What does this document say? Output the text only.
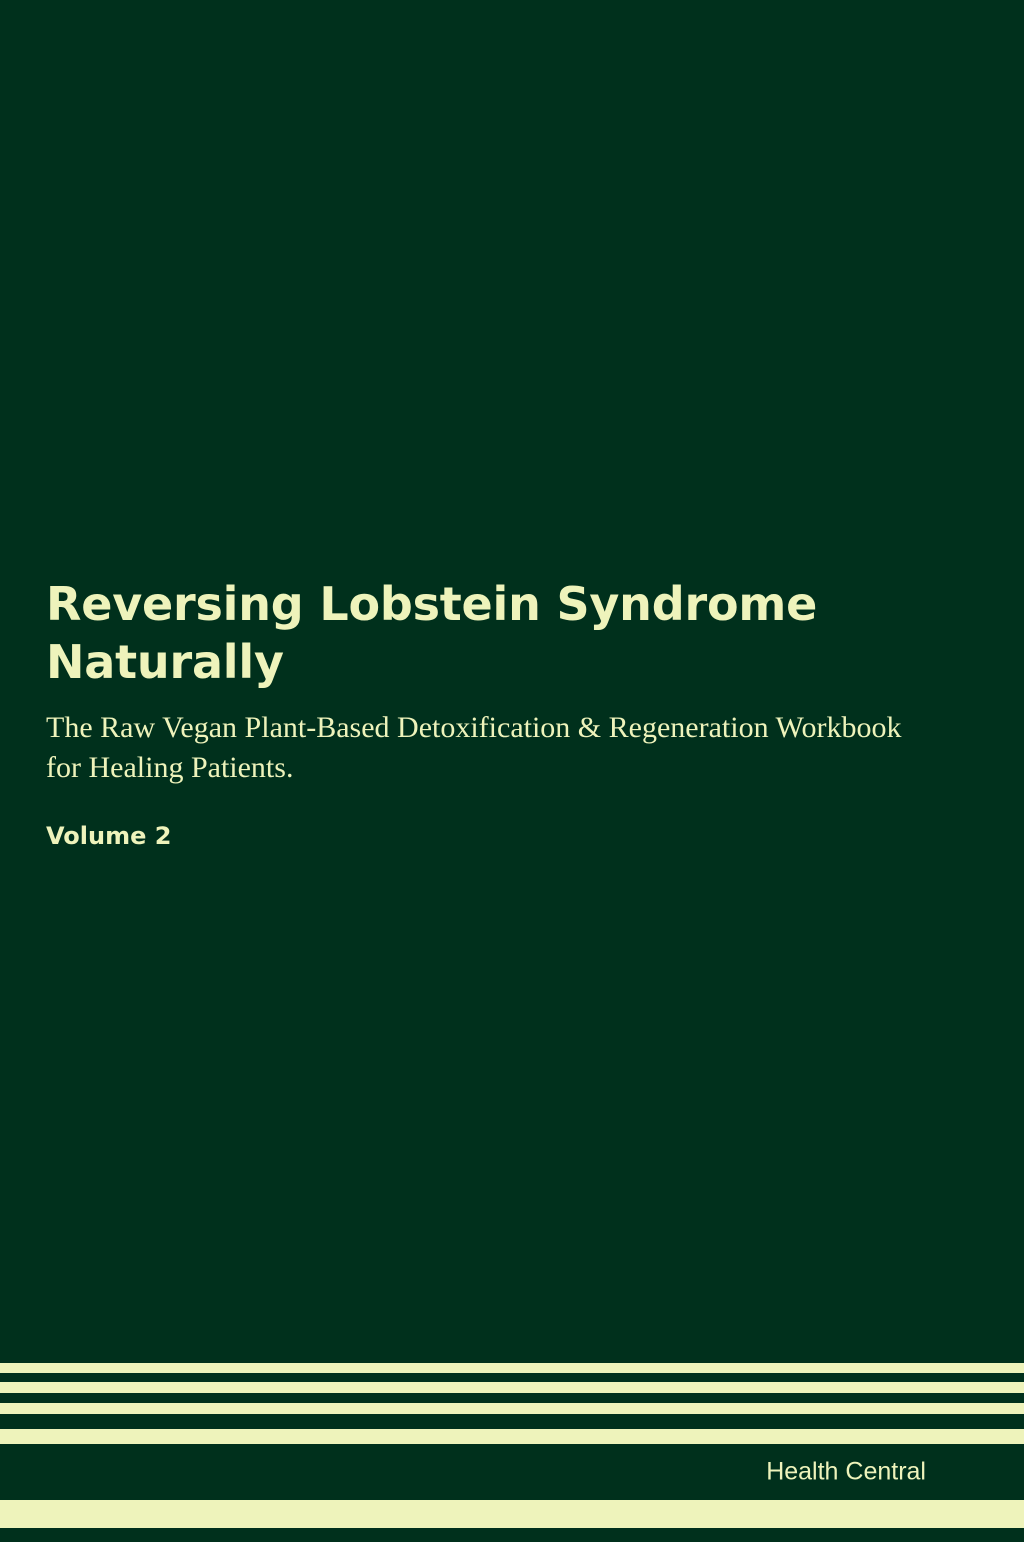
Reversing Lobstein Syndrome Naturally

The Raw Vegan Plant-Based Detoxification & Regeneration Workbook for Healing Patients.

Volume 2

Health Central
